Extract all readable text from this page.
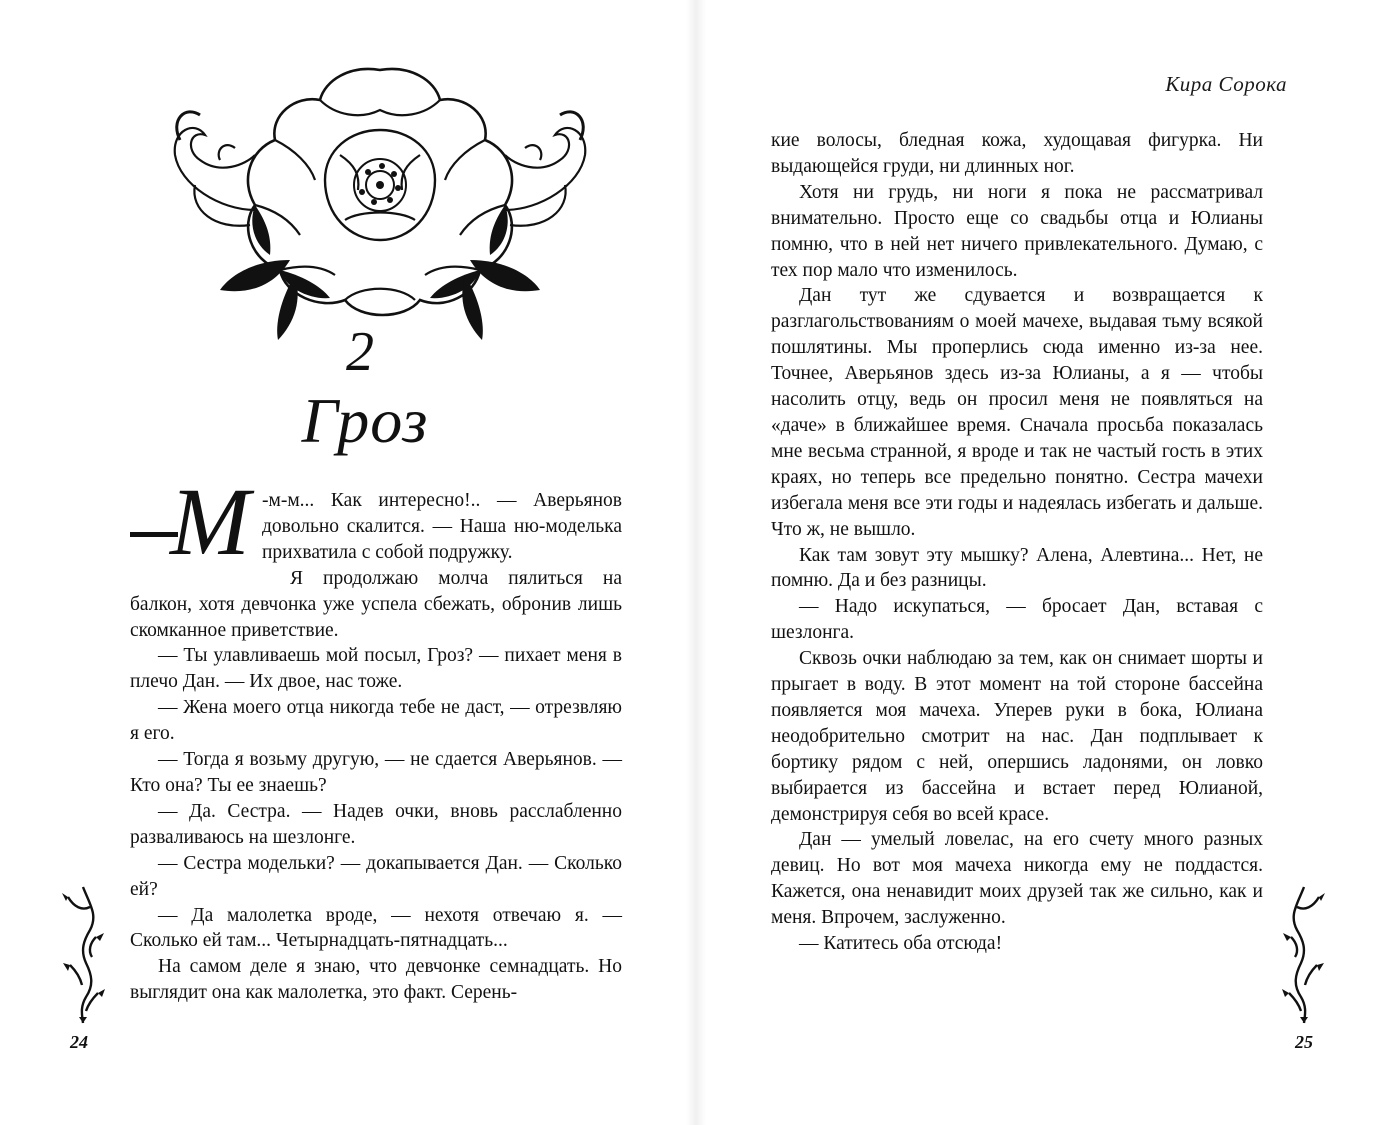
2
Гроз

М -м-м... Как интересно!.. — Аверьянов довольно скалится. — Наша ню-моделька прихватила с собой подружку.

Я продолжаю молча пялиться на балкон, хотя девчонка уже успела сбежать, обронив лишь скомканное приветствие.

— Ты улавливаешь мой посыл, Гроз? — пихает меня в плечо Дан. — Их двое, нас тоже.

— Жена моего отца никогда тебе не даст, — отрезвляю я его.

— Тогда я возьму другую, — не сдается Аверьянов. — Кто она? Ты ее знаешь?

— Да. Сестра. — Надев очки, вновь расслабленно разваливаюсь на шезлонге.

— Сестра модельки? — докапывается Дан. — Сколько ей?

— Да малолетка вроде, — нехотя отвечаю я. — Сколько ей там... Четырнадцать-пятнадцать...

На самом деле я знаю, что девчонке семнадцать. Но выглядит она как малолетка, это факт. Серень-

24
Кира Сорока

кие волосы, бледная кожа, худощавая фигурка. Ни выдающейся груди, ни длинных ног.

Хотя ни грудь, ни ноги я пока не рассматривал внимательно. Просто еще со свадьбы отца и Юлианы помню, что в ней нет ничего привлекательного. Думаю, с тех пор мало что изменилось.

Дан тут же сдувается и возвращается к разглагольствованиям о моей мачехе, выдавая тьму всякой пошлятины. Мы проперлись сюда именно из-за нее. Точнее, Аверьянов здесь из-за Юлианы, а я — чтобы насолить отцу, ведь он просил меня не появляться на «даче» в ближайшее время. Сначала просьба показалась мне весьма странной, я вроде и так не частый гость в этих краях, но теперь все предельно понятно. Сестра мачехи избегала меня все эти годы и надеялась избегать и дальше. Что ж, не вышло.

Как там зовут эту мышку? Алена, Алевтина... Нет, не помню. Да и без разницы.

— Надо искупаться, — бросает Дан, вставая с шезлонга.

Сквозь очки наблюдаю за тем, как он снимает шорты и прыгает в воду. В этот момент на той стороне бассейна появляется моя мачеха. Уперев руки в бока, Юлиана неодобрительно смотрит на нас. Дан подплывает к бортику рядом с ней, опершись ладонями, он ловко выбирается из бассейна и встает перед Юлианой, демонстрируя себя во всей красе.

Дан — умелый ловелас, на его счету много разных девиц. Но вот моя мачеха никогда ему не поддастся. Кажется, она ненавидит моих друзей так же сильно, как и меня. Впрочем, заслуженно.

— Катитесь оба отсюда!

25
